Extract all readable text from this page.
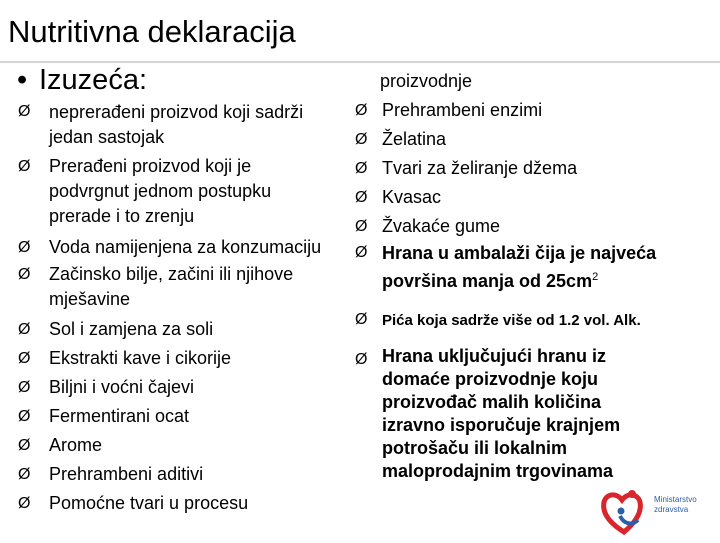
Nutritivna deklaracija
• Izuzeća:	proizvodnje
Ø neprerađeni proizvod koji sadrži jedan sastojak
Ø Prerađeni proizvod koji je podvrgnut jednom postupku prerade i to zrenju
Ø Voda namijenjena za konzumaciju
Ø Začinsko bilje, začini ili njihove mješavine
Ø Sol i zamjena za soli
Ø Ekstrakti kave i cikorije
Ø Biljni i voćni čajevi
Ø Fermentirani ocat
Ø Arome
Ø Prehrambeni aditivi
Ø Pomoćne tvari u procesu
Ø Prehrambeni enzimi
Ø Želatina
Ø Tvari za želiranje džema
Ø Kvasac
Ø Žvakaće gume
Ø Hrana u ambalaži čija je najveća površina manja od $25cm^2$
Ø Pića koja sadrže više od 1.2 vol. Alk.
Ø Hrana uključujući hranu iz domaće proizvodnje koju proizvođač malih količina izravno isporučuje krajnjem potrošaču ili lokalnim maloprodajnim trgovinama
Ministarstvo
zdravstva
